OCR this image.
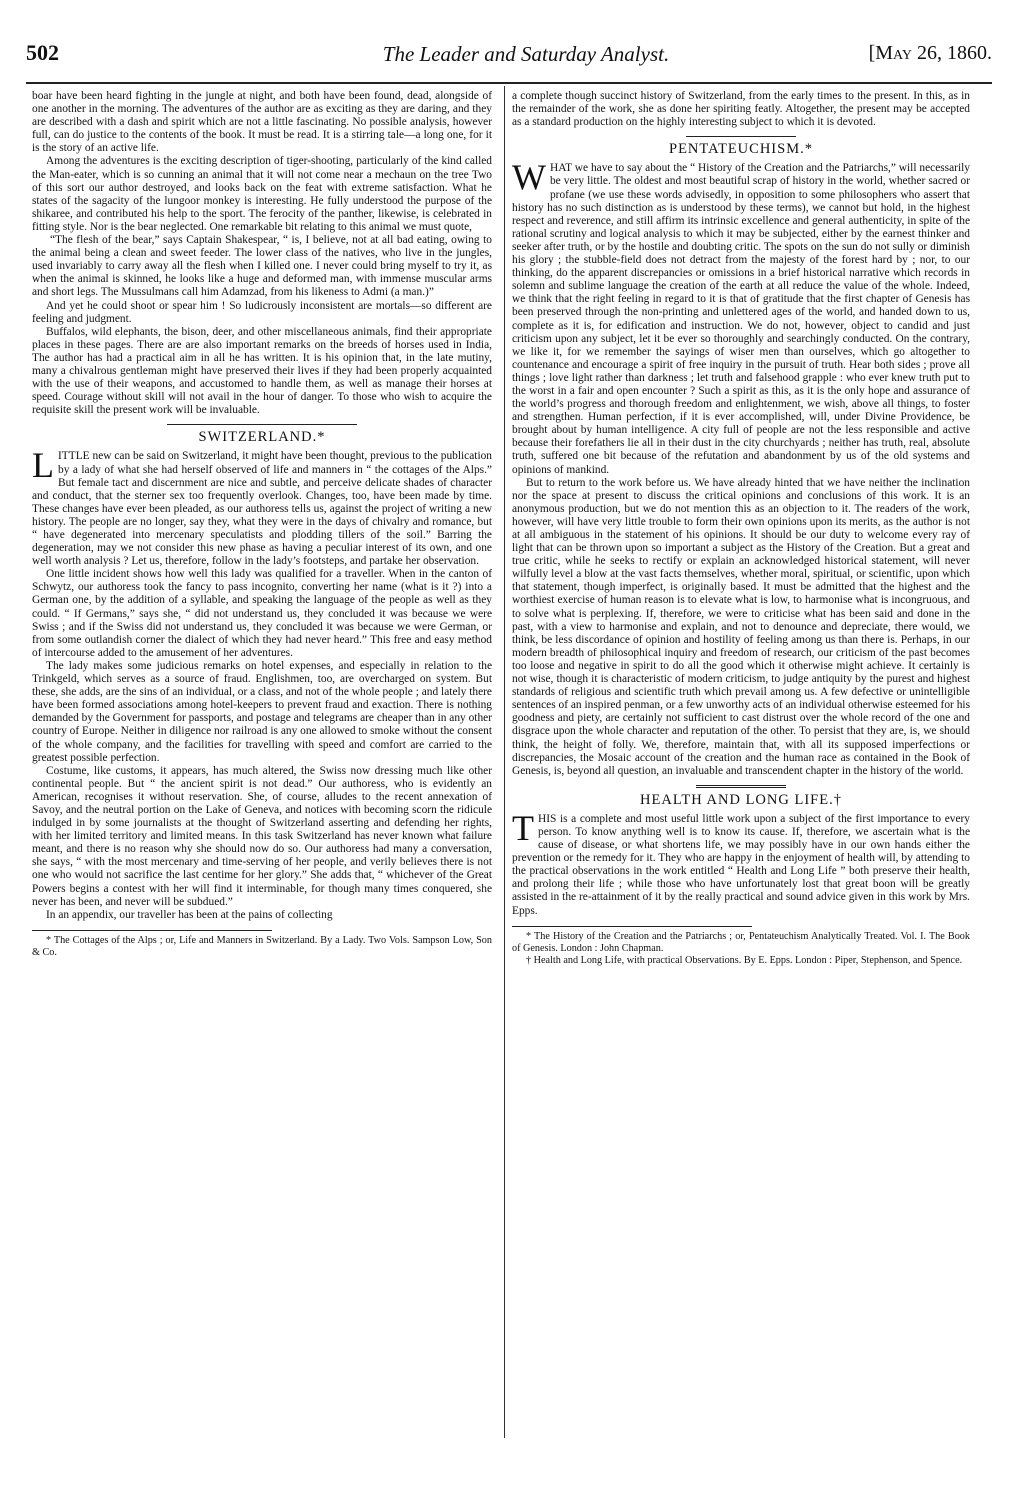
502	The Leader and Saturday Analyst.	[May 26, 1860.

boar have been heard fighting in the jungle at night, and both have been found, dead, alongside of one another in the morning. The adventures of the author are as exciting as they are daring, and they are described with a dash and spirit which are not a little fascinating. No possible analysis, however full, can do justice to the contents of the book. It must be read. It is a stirring tale—a long one, for it is the story of an active life.

Among the adventures is the exciting description of tiger-shooting, particularly of the kind called the Man-eater, which is so cunning an animal that it will not come near a mechaun on the tree Two of this sort our author destroyed, and looks back on the feat with extreme satisfaction. What he states of the sagacity of the lungoor monkey is interesting. He fully understood the purpose of the shikaree, and contributed his help to the sport. The ferocity of the panther, likewise, is celebrated in fitting style. Nor is the bear neglected. One remarkable bit relating to this animal we must quote,

“The flesh of the bear,” says Captain Shakespear, “ is, I believe, not at all bad eating, owing to the animal being a clean and sweet feeder. The lower class of the natives, who live in the jungles, used invariably to carry away all the flesh when I killed one. I never could bring myself to try it, as when the animal is skinned, he looks like a huge and deformed man, with immense muscular arms and short legs. The Mussulmans call him Adamzad, from his likeness to Admi (a man.)”

And yet he could shoot or spear him ! So ludicrously inconsistent are mortals—so different are feeling and judgment.

Buffalos, wild elephants, the bison, deer, and other miscellaneous animals, find their appropriate places in these pages. There are are also important remarks on the breeds of horses used in India, The author has had a practical aim in all he has written. It is his opinion that, in the late mutiny, many a chivalrous gentleman might have preserved their lives if they had been properly acquainted with the use of their weapons, and accustomed to handle them, as well as manage their horses at speed. Courage without skill will not avail in the hour of danger. To those who wish to acquire the requisite skill the present work will be invaluable.

SWITZERLAND.*

LITTLE new can be said on Switzerland, it might have been thought, previous to the publication by a lady of what she had herself observed of life and manners in “ the cottages of the Alps.” But female tact and discernment are nice and subtle, and perceive delicate shades of character and conduct, that the sterner sex too frequently overlook. Changes, too, have been made by time. These changes have ever been pleaded, as our authoress tells us, against the project of writing a new history. The people are no longer, say they, what they were in the days of chivalry and romance, but “ have degenerated into mercenary speculatists and plodding tillers of the soil.” Barring the degeneration, may we not consider this new phase as having a peculiar interest of its own, and one well worth analysis ? Let us, therefore, follow in the lady’s footsteps, and partake her observation.

One little incident shows how well this lady was qualified for a traveller. When in the canton of Schwytz, our authoress took the fancy to pass incognito, converting her name (what is it ?) into a German one, by the addition of a syllable, and speaking the language of the people as well as they could. “ If Germans,” says she, “ did not understand us, they concluded it was because we were Swiss ; and if the Swiss did not understand us, they concluded it was because we were German, or from some outlandish corner the dialect of which they had never heard.” This free and easy method of intercourse added to the amusement of her adventures.

The lady makes some judicious remarks on hotel expenses, and especially in relation to the Trinkgeld, which serves as a source of fraud. Englishmen, too, are overcharged on system. But these, she adds, are the sins of an individual, or a class, and not of the whole people ; and lately there have been formed associations among hotel-keepers to prevent fraud and exaction. There is nothing demanded by the Government for passports, and postage and telegrams are cheaper than in any other country of Europe. Neither in diligence nor railroad is any one allowed to smoke without the consent of the whole company, and the facilities for travelling with speed and comfort are carried to the greatest possible perfection.

Costume, like customs, it appears, has much altered, the Swiss now dressing much like other continental people. But “ the ancient spirit is not dead.” Our authoress, who is evidently an American, recognises it without reservation. She, of course, alludes to the recent annexation of Savoy, and the neutral portion on the Lake of Geneva, and notices with becoming scorn the ridicule indulged in by some journalists at the thought of Switzerland asserting and defending her rights, with her limited territory and limited means. In this task Switzerland has never known what failure meant, and there is no reason why she should now do so. Our authoress had many a conversation, she says, “ with the most mercenary and time-serving of her people, and verily believes there is not one who would not sacrifice the last centime for her glory.” She adds that, “ whichever of the Great Powers begins a contest with her will find it interminable, for though many times conquered, she never has been, and never will be subdued.”

In an appendix, our traveller has been at the pains of collecting

* The Cottages of the Alps ; or, Life and Manners in Switzerland. By a Lady. Two Vols. Sampson Low, Son & Co.

a complete though succinct history of Switzerland, from the early times to the present. In this, as in the remainder of the work, she as done her spiriting featly. Altogether, the present may be accepted as a standard production on the highly interesting subject to which it is devoted.

PENTATEUCHISM.*

WHAT we have to say about the “ History of the Creation and the Patriarchs,” will necessarily be very little. The oldest and most beautiful scrap of history in the world, whether sacred or profane (we use these words advisedly, in opposition to some philosophers who assert that history has no such distinction as is understood by these terms), we cannot but hold, in the highest respect and reverence, and still affirm its intrinsic excellence and general authenticity, in spite of the rational scrutiny and logical analysis to which it may be subjected, either by the earnest thinker and seeker after truth, or by the hostile and doubting critic. The spots on the sun do not sully or diminish his glory ; the stubble-field does not detract from the majesty of the forest hard by ; nor, to our thinking, do the apparent discrepancies or omissions in a brief historical narrative which records in solemn and sublime language the creation of the earth at all reduce the value of the whole. Indeed, we think that the right feeling in regard to it is that of gratitude that the first chapter of Genesis has been preserved through the non-printing and unlettered ages of the world, and handed down to us, complete as it is, for edification and instruction. We do not, however, object to candid and just criticism upon any subject, let it be ever so thoroughly and searchingly conducted. On the contrary, we like it, for we remember the sayings of wiser men than ourselves, which go altogether to countenance and encourage a spirit of free inquiry in the pursuit of truth. Hear both sides ; prove all things ; love light rather than darkness ; let truth and falsehood grapple : who ever knew truth put to the worst in a fair and open encounter ? Such a spirit as this, as it is the only hope and assurance of the world’s progress and thorough freedom and enlightenment, we wish, above all things, to foster and strengthen. Human perfection, if it is ever accomplished, will, under Divine Providence, be brought about by human intelligence. A city full of people are not the less responsible and active because their forefathers lie all in their dust in the city churchyards ; neither has truth, real, absolute truth, suffered one bit because of the refutation and abandonment by us of the old systems and opinions of mankind.

But to return to the work before us. We have already hinted that we have neither the inclination nor the space at present to discuss the critical opinions and conclusions of this work. It is an anonymous production, but we do not mention this as an objection to it. The readers of the work, however, will have very little trouble to form their own opinions upon its merits, as the author is not at all ambiguous in the statement of his opinions. It should be our duty to welcome every ray of light that can be thrown upon so important a subject as the History of the Creation. But a great and true critic, while he seeks to rectify or explain an acknowledged historical statement, will never wilfully level a blow at the vast facts themselves, whether moral, spiritual, or scientific, upon which that statement, though imperfect, is originally based. It must be admitted that the highest and the worthiest exercise of human reason is to elevate what is low, to harmonise what is incongruous, and to solve what is perplexing. If, therefore, we were to criticise what has been said and done in the past, with a view to harmonise and explain, and not to denounce and depreciate, there would, we think, be less discordance of opinion and hostility of feeling among us than there is. Perhaps, in our modern breadth of philosophical inquiry and freedom of research, our criticism of the past becomes too loose and negative in spirit to do all the good which it otherwise might achieve. It certainly is not wise, though it is characteristic of modern criticism, to judge antiquity by the purest and highest standards of religious and scientific truth which prevail among us. A few defective or unintelligible sentences of an inspired penman, or a few unworthy acts of an individual otherwise esteemed for his goodness and piety, are certainly not sufficient to cast distrust over the whole record of the one and disgrace upon the whole character and reputation of the other. To persist that they are, is, we should think, the height of folly. We, therefore, maintain that, with all its supposed imperfections or discrepancies, the Mosaic account of the creation and the human race as contained in the Book of Genesis, is, beyond all question, an invaluable and transcendent chapter in the history of the world.

HEALTH AND LONG LIFE.†

THIS is a complete and most useful little work upon a subject of the first importance to every person. To know anything well is to know its cause. If, therefore, we ascertain what is the cause of disease, or what shortens life, we may possibly have in our own hands either the prevention or the remedy for it. They who are happy in the enjoyment of health will, by attending to the practical observations in the work entitled “ Health and Long Life ” both preserve their health, and prolong their life ; while those who have unfortunately lost that great boon will be greatly assisted in the re-attainment of it by the really practical and sound advice given in this work by Mrs. Epps.

* The History of the Creation and the Patriarchs ; or, Pentateuchism Analytically Treated. Vol. I. The Book of Genesis. London : John Chapman.

† Health and Long Life, with practical Observations. By E. Epps. London : Piper, Stephenson, and Spence.
